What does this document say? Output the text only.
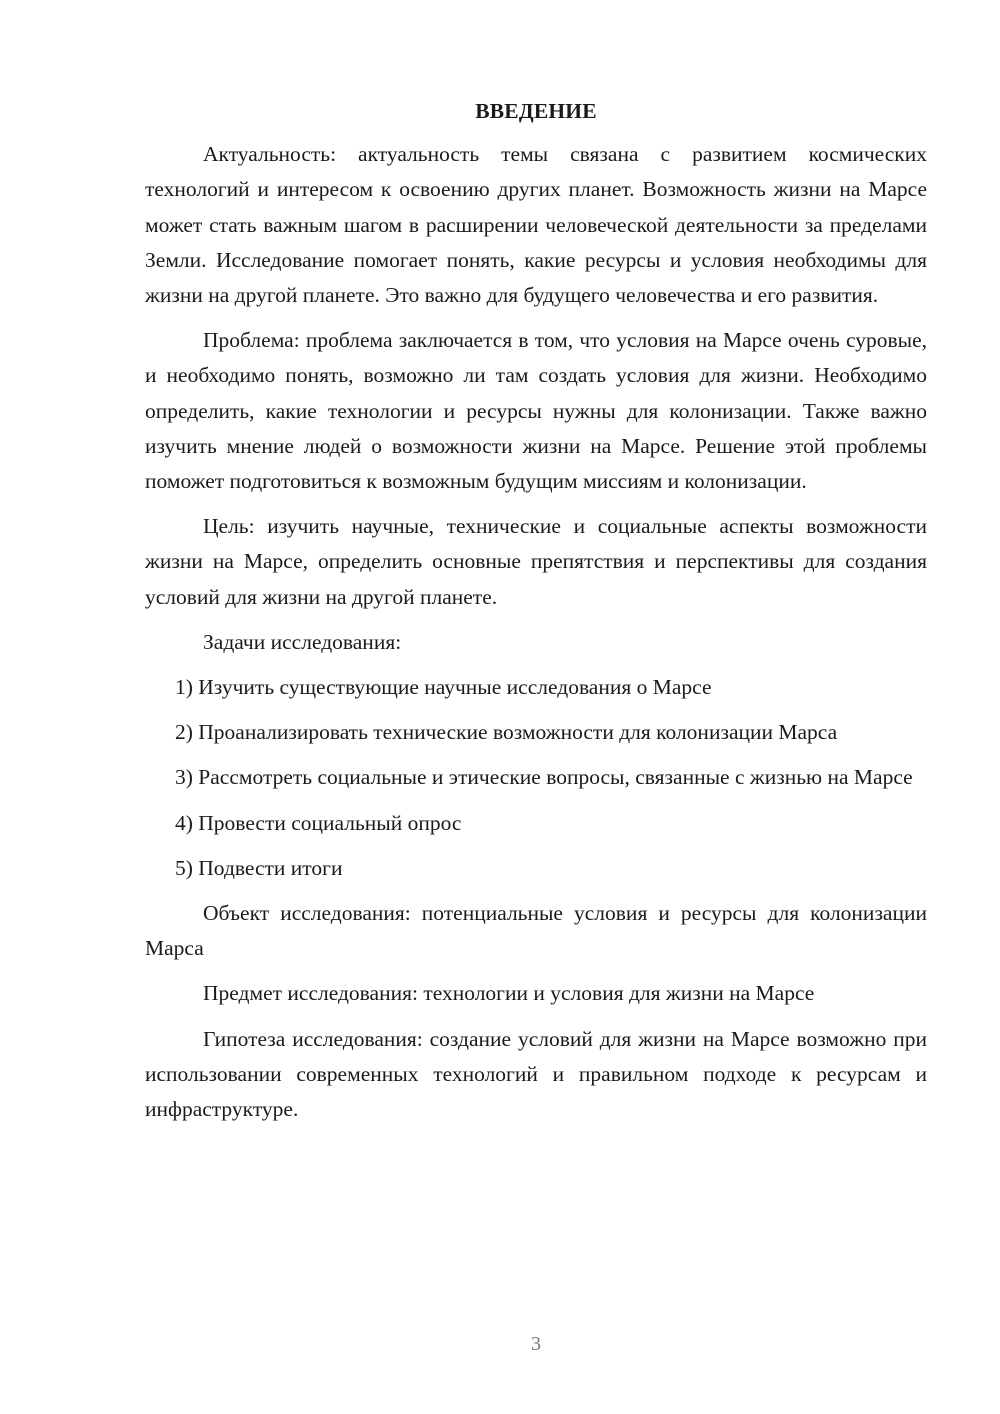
ВВЕДЕНИЕ

Актуальность: актуальность темы связана с развитием космических технологий и интересом к освоению других планет. Возможность жизни на Марсе может стать важным шагом в расширении человеческой деятельности за пределами Земли. Исследование помогает понять, какие ресурсы и условия необходимы для жизни на другой планете. Это важно для будущего человечества и его развития.

Проблема: проблема заключается в том, что условия на Марсе очень суровые, и необходимо понять, возможно ли там создать условия для жизни. Необходимо определить, какие технологии и ресурсы нужны для колонизации. Также важно изучить мнение людей о возможности жизни на Марсе. Решение этой проблемы поможет подготовиться к возможным будущим миссиям и колонизации.

Цель: изучить научные, технические и социальные аспекты возможности жизни на Марсе, определить основные препятствия и перспективы для создания условий для жизни на другой планете.

Задачи исследования:

1) Изучить существующие научные исследования о Марсе

2) Проанализировать технические возможности для колонизации Марса

3) Рассмотреть социальные и этические вопросы, связанные с жизнью на Марсе

4) Провести социальный опрос

5) Подвести итоги

Объект исследования: потенциальные условия и ресурсы для колонизации Марса

Предмет исследования: технологии и условия для жизни на Марсе

Гипотеза исследования: создание условий для жизни на Марсе возможно при использовании современных технологий и правильном подходе к ресурсам и инфраструктуре.

3
